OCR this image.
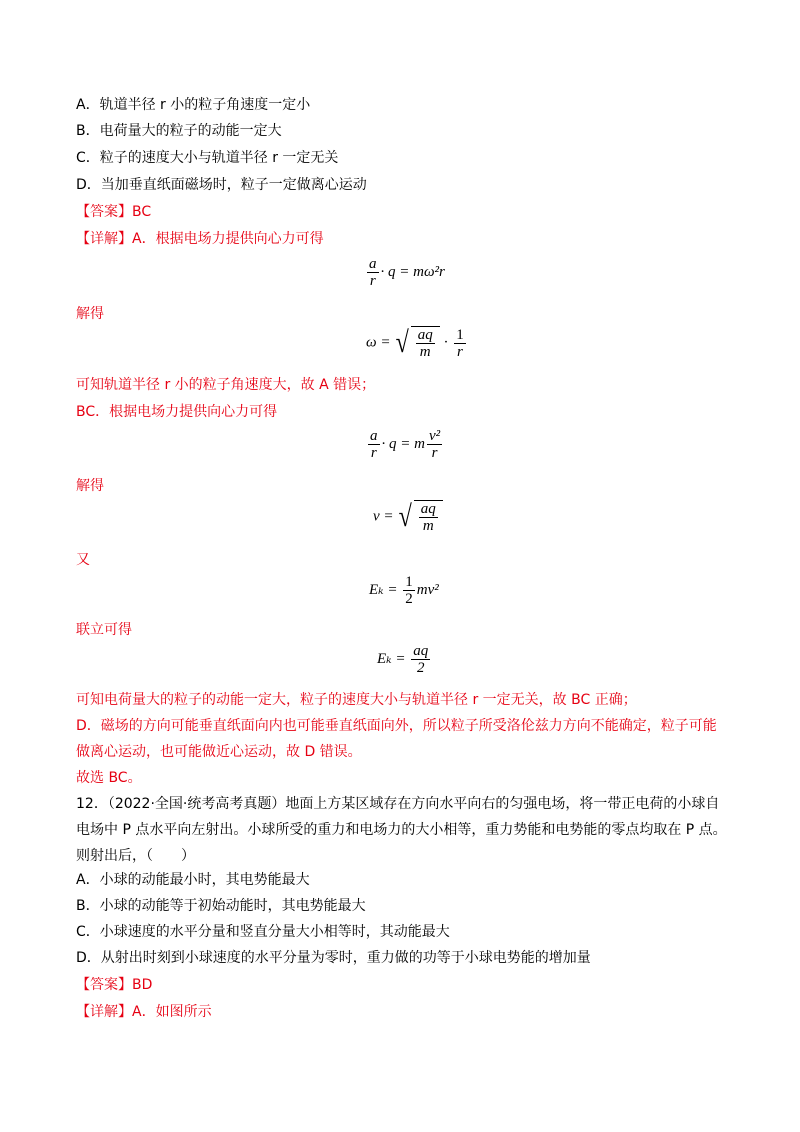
A．轨道半径 r 小的粒子角速度一定小
B．电荷量大的粒子的动能一定大
C．粒子的速度大小与轨道半径 r 一定无关
D．当加垂直纸面磁场时，粒子一定做离心运动
【答案】BC
【详解】A．根据电场力提供向心力可得
$\frac{a}{r} \cdot q = m\omega^2r$
解得
ω = √ $\frac{aq}{m} \cdot \frac{1}{r}$
可知轨道半径 r 小的粒子角速度大，故 A 错误；
BC．根据电场力提供向心力可得
$\frac{a}{r} \cdot q = m \frac{\text{v²}}{r}$
解得
v = √ $\frac{aq}{m}$
又
$E_k = \frac{1}{2} mv^2$
联立可得
$E_k = \frac{aq}{2}$
可知电荷量大的粒子的动能一定大，粒子的速度大小与轨道半径 r 一定无关，故 BC 正确；
D．磁场的方向可能垂直纸面向内也可能垂直纸面向外，所以粒子所受洛伦兹力方向不能确定，粒子可能
做离心运动，也可能做近心运动，故 D 错误。
故选 BC。
12．（2022·全国·统考高考真题）地面上方某区域存在方向水平向右的匀强电场，将一带正电荷的小球自
电场中 P 点水平向左射出。小球所受的重力和电场力的大小相等，重力势能和电势能的零点均取在 P 点。
则射出后，（　　）
A．小球的动能最小时，其电势能最大
B．小球的动能等于初始动能时，其电势能最大
C．小球速度的水平分量和竖直分量大小相等时，其动能最大
D．从射出时刻到小球速度的水平分量为零时，重力做的功等于小球电势能的增加量
【答案】BD
【详解】A．如图所示
